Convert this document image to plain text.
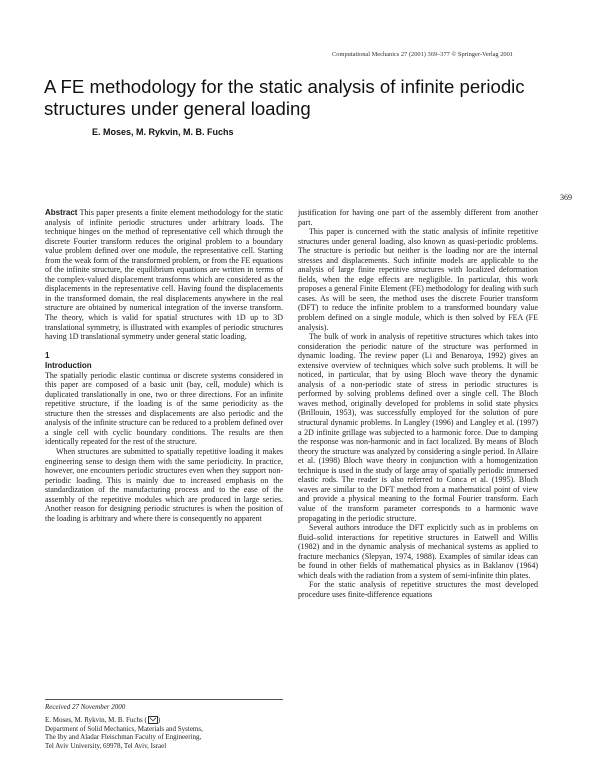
Computational Mechanics 27 (2001) 369–377 © Springer-Verlag 2001
A FE methodology for the static analysis of infinite periodic structures under general loading
E. Moses, M. Rykvin, M. B. Fuchs
369

Abstract This paper presents a finite element methodology for the static analysis of infinite periodic structures under arbitrary loads. The technique hinges on the method of representative cell which through the discrete Fourier transform reduces the original problem to a boundary value problem defined over one module, the representative cell. Starting from the weak form of the transformed problem, or from the FE equations of the infinite structure, the equilibrium equations are written in terms of the complex-valued displacement transforms which are considered as the displacements in the representative cell. Having found the displacements in the transformed domain, the real displacements anywhere in the real structure are obtained by numerical integration of the inverse transform. The theory, which is valid for spatial structures with 1D up to 3D translational symmetry, is illustrated with examples of periodic structures having 1D translational symmetry under general static loading.

1
Introduction

The spatially periodic elastic continua or discrete systems considered in this paper are composed of a basic unit (bay, cell, module) which is duplicated translationally in one, two or three directions. For an infinite repetitive structure, if the loading is of the same periodicity as the structure then the stresses and displacements are also periodic and the analysis of the infinite structure can be reduced to a problem defined over a single cell with cyclic boundary conditions. The results are then identically repeated for the rest of the structure.

When structures are submitted to spatially repetitive loading it makes engineering sense to design them with the same periodicity. In practice, however, one encounters periodic structures even when they support non-periodic loading. This is mainly due to increased emphasis on the standardization of the manufacturing process and to the ease of the assembly of the repetitive modules which are produced in large series. Another reason for designing periodic structures is when the position of the loading is arbitrary and where there is consequently no apparent

justification for having one part of the assembly different from another part.

This paper is concerned with the static analysis of infinite repetitive structures under general loading, also known as quasi-periodic problems. The structure is periodic but neither is the loading nor are the internal stresses and displacements. Such infinite models are applicable to the analysis of large finite repetitive structures with localized deformation fields, when the edge effects are negligible. In particular, this work proposes a general Finite Element (FE) methodology for dealing with such cases. As will be seen, the method uses the discrete Fourier transform (DFT) to reduce the infinite problem to a transformed boundary value problem defined on a single module, which is then solved by FEA (FE analysis).

The bulk of work in analysis of repetitive structures which takes into consideration the periodic nature of the structure was performed in dynamic loading. The review paper (Li and Benaroya, 1992) gives an extensive overview of techniques which solve such problems. It will be noticed, in particular, that by using Bloch wave theory the dynamic analysis of a non-periodic state of stress in periodic structures is performed by solving problems defined over a single cell. The Bloch waves method, originally developed for problems in solid state physics (Brillouin, 1953), was successfully employed for the solution of pure structural dynamic problems. In Langley (1996) and Langley et al. (1997) a 2D infinite grillage was subjected to a harmonic force. Due to damping the response was non-harmonic and in fact localized. By means of Bloch theory the structure was analyzed by considering a single period. In Allaire et al. (1998) Bloch wave theory in conjunction with a homogenization technique is used in the study of large array of spatially periodic immersed elastic rods. The reader is also referred to Conca et al. (1995). Bloch waves are similar to the DFT method from a mathematical point of view and provide a physical meaning to the formal Fourier transform. Each value of the transform parameter corresponds to a harmonic wave propagating in the periodic structure.

Several authors introduce the DFT explicitly such as in problems on fluid–solid interactions for repetitive structures in Eatwell and Willis (1982) and in the dynamic analysis of mechanical systems as applied to fracture mechanics (Slepyan, 1974, 1988). Examples of similar ideas can be found in other fields of mathematical physics as in Baklanov (1964) which deals with the radiation from a system of semi-infinite thin plates.

For the static analysis of repetitive structures the most developed procedure uses finite-difference equations

Received 27 November 2000
E. Moses, M. Rykvin, M. B. Fuchs ( )
Department of Solid Mechanics, Materials and Systems,
The Iby and Aladar Fleischman Faculty of Engineering,
Tel Aviv University, 69978, Tel Aviv, Israel
